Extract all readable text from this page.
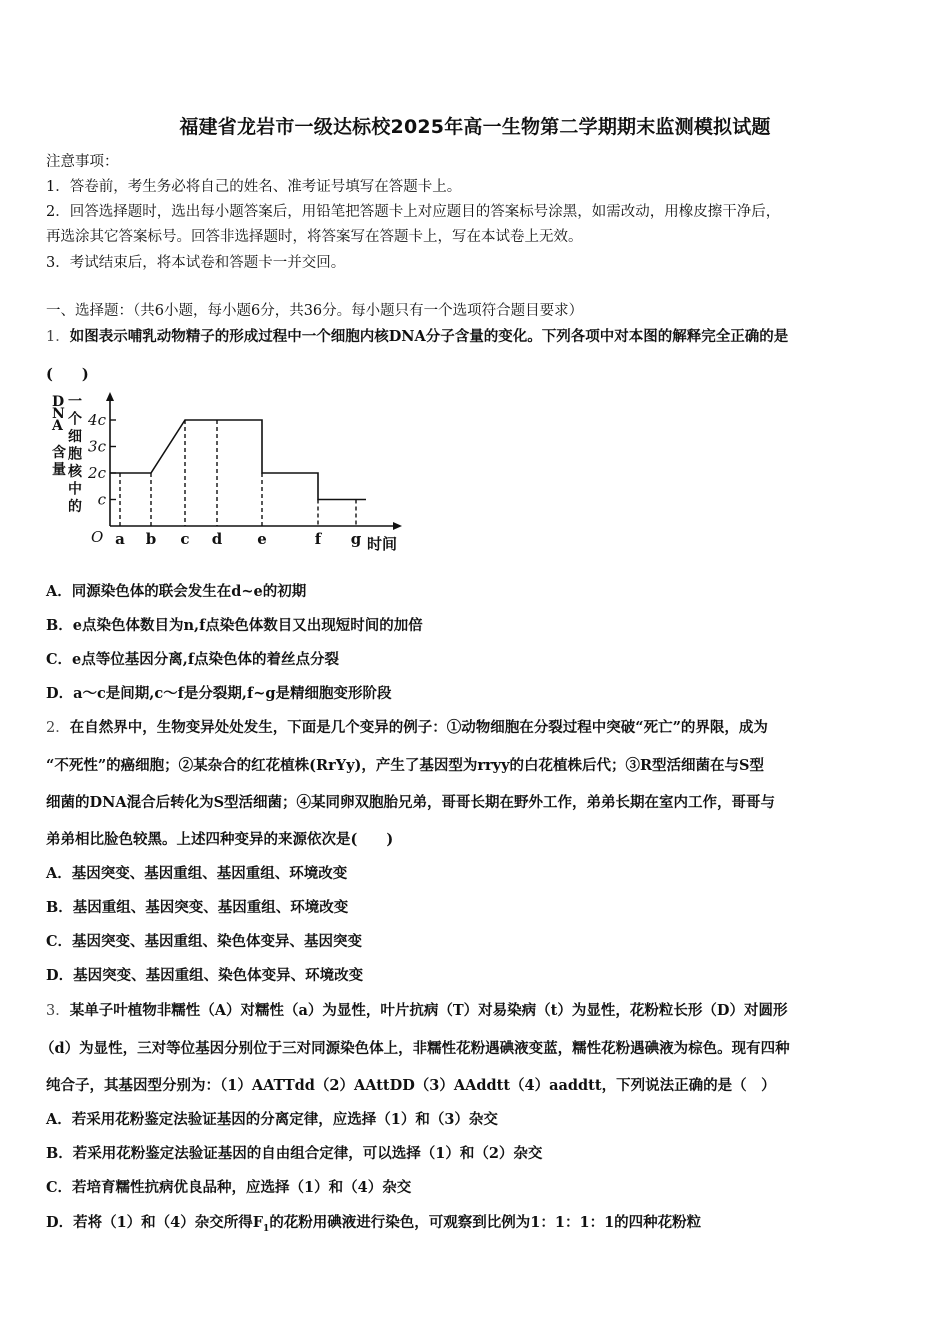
福建省龙岩市一级达标校2025年高一生物第二学期期末监测模拟试题
注意事项：
1．答卷前，考生务必将自己的姓名、准考证号填写在答题卡上。
2．回答选择题时，选出每小题答案后，用铅笔把答题卡上对应题目的答案标号涂黑，如需改动，用橡皮擦干净后，
再选涂其它答案标号。回答非选择题时，将答案写在答题卡上，写在本试卷上无效。
3．考试结束后，将本试卷和答题卡一并交回。
一、选择题：（共6小题，每小题6分，共36分。每小题只有一个选项符合题目要求）
1．如图表示哺乳动物精子的形成过程中一个细胞内核DNA分子含量的变化。下列各项中对本图的解释完全正确的是
(　　)
D N A 含量一个细胞核中的 c
2c
3c
4c
a b c d e	f g
O	时间
A．同源染色体的联会发生在d~e的初期
B．e点染色体数目为n,f点染色体数目又出现短时间的加倍
C．e点等位基因分离,f点染色体的着丝点分裂
D．a～c是间期,c～f是分裂期,f~g是精细胞变形阶段
2．在自然界中，生物变异处处发生，下面是几个变异的例子：①动物细胞在分裂过程中突破“死亡”的界限，成为
“不死性”的癌细胞；②某杂合的红花植株(RrYy)，产生了基因型为rryy的白花植株后代；③R型活细菌在与S型
细菌的DNA混合后转化为S型活细菌；④某同卵双胞胎兄弟，哥哥长期在野外工作，弟弟长期在室内工作，哥哥与
弟弟相比脸色较黑。上述四种变异的来源依次是(　　)
A．基因突变、基因重组、基因重组、环境改变
B．基因重组、基因突变、基因重组、环境改变
C．基因突变、基因重组、染色体变异、基因突变
D．基因突变、基因重组、染色体变异、环境改变
3．某单子叶植物非糯性（A）对糯性（a）为显性，叶片抗病（T）对易染病（t）为显性，花粉粒长形（D）对圆形
（d）为显性，三对等位基因分别位于三对同源染色体上，非糯性花粉遇碘液变蓝，糯性花粉遇碘液为棕色。现有四种
纯合子，其基因型分别为：（1）AATTdd（2）AAttDD（3）AAddtt（4）aaddtt，下列说法正确的是（　）
A．若采用花粉鉴定法验证基因的分离定律，应选择（1）和（3）杂交
B．若采用花粉鉴定法验证基因的自由组合定律，可以选择（1）和（2）杂交
C．若培育糯性抗病优良品种，应选择（1）和（4）杂交
D．若将（1）和（4）杂交所得$F_1$的花粉用碘液进行染色，可观察到比例为1：1：1：1的四种花粉粒
